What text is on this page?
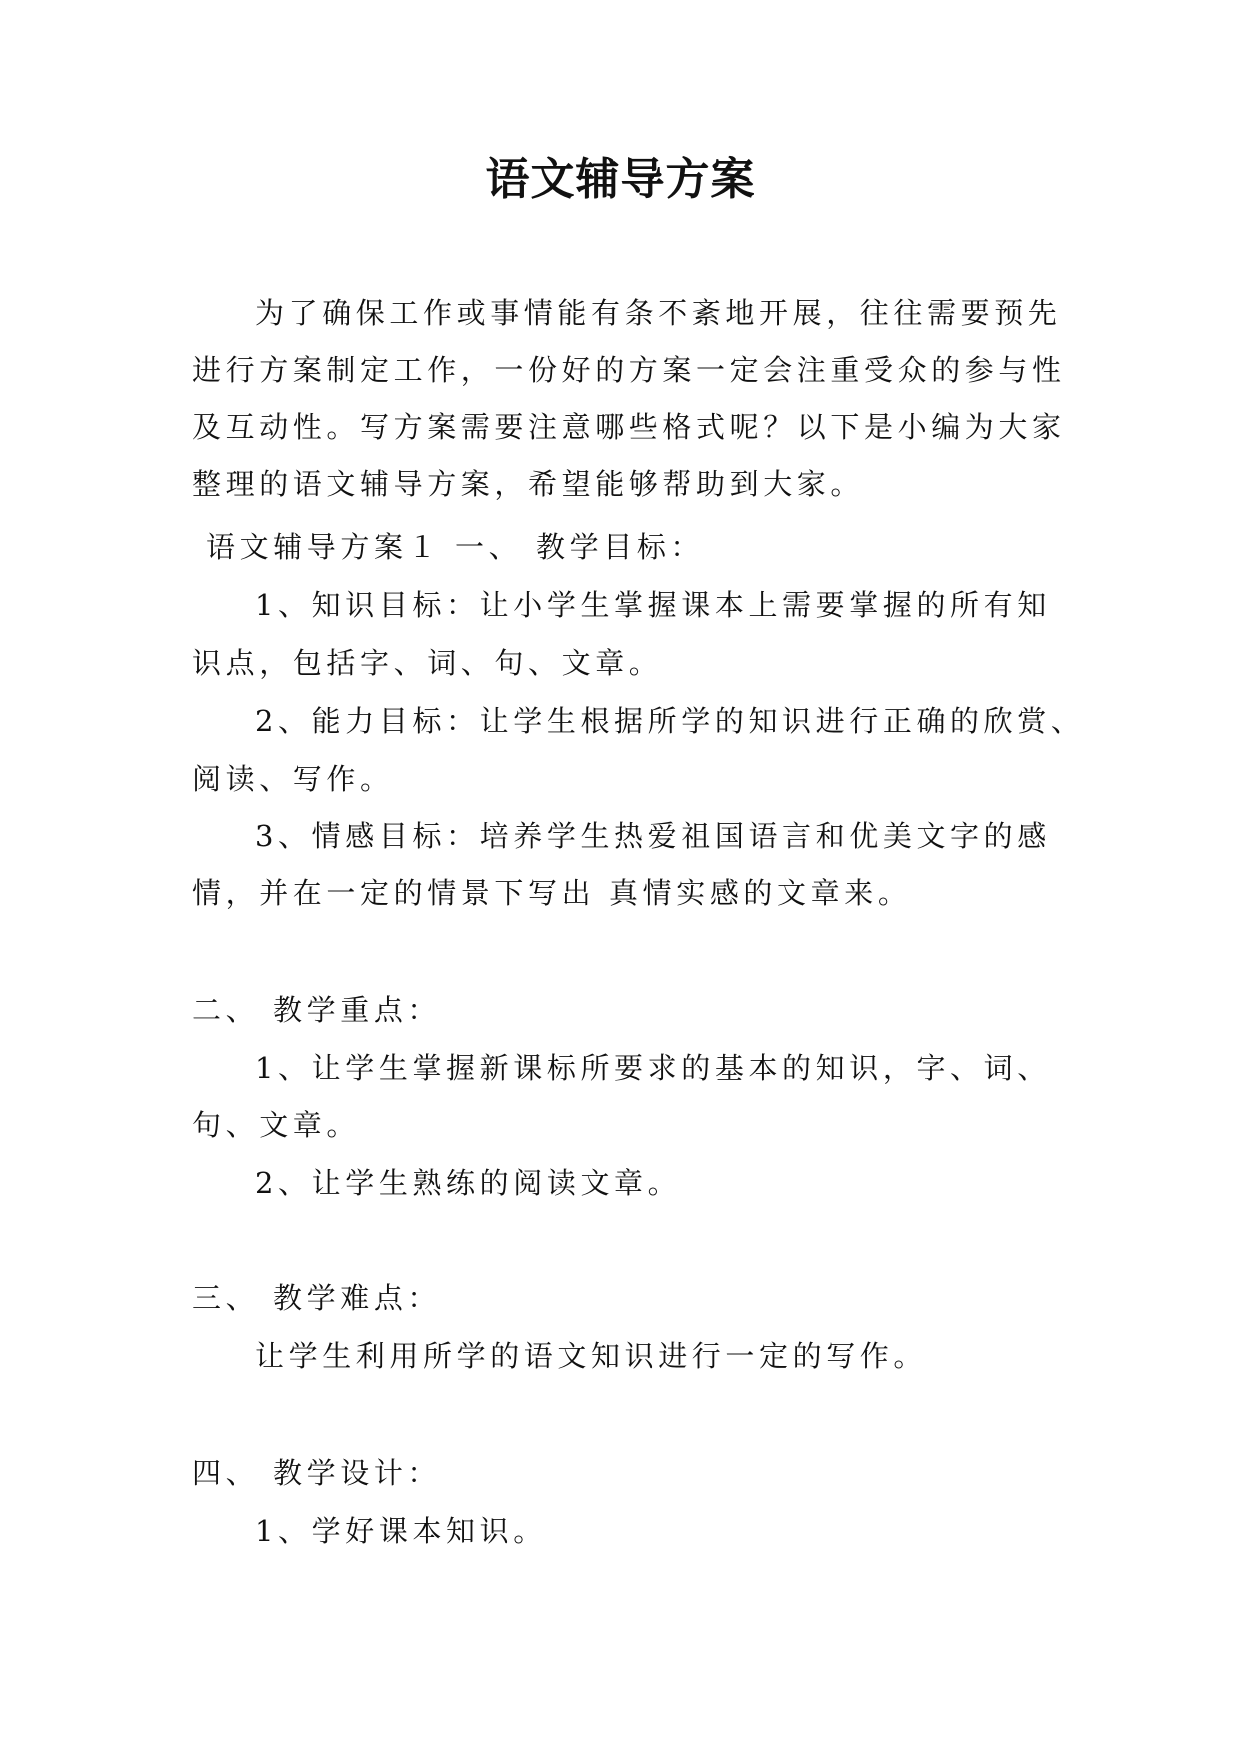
语文辅导方案
为了确保工作或事情能有条不紊地开展，往往需要预先
进行方案制定工作，一份好的方案一定会注重受众的参与性
及互动性。写方案需要注意哪些格式呢？以下是小编为大家
整理的语文辅导方案，希望能够帮助到大家。
语文辅导方案１ 一、 教学目标：
1、知识目标：让小学生掌握课本上需要掌握的所有知
识点，包括字、词、句、文章。
2、能力目标：让学生根据所学的知识进行正确的欣赏、
阅读、写作。
3、情感目标：培养学生热爱祖国语言和优美文字的感
情，并在一定的情景下写出 真情实感的文章来。
二、 教学重点：
1、让学生掌握新课标所要求的基本的知识，字、词、
句、文章。
2、让学生熟练的阅读文章。
三、 教学难点：
让学生利用所学的语文知识进行一定的写作。
四、 教学设计：
1、学好课本知识。
